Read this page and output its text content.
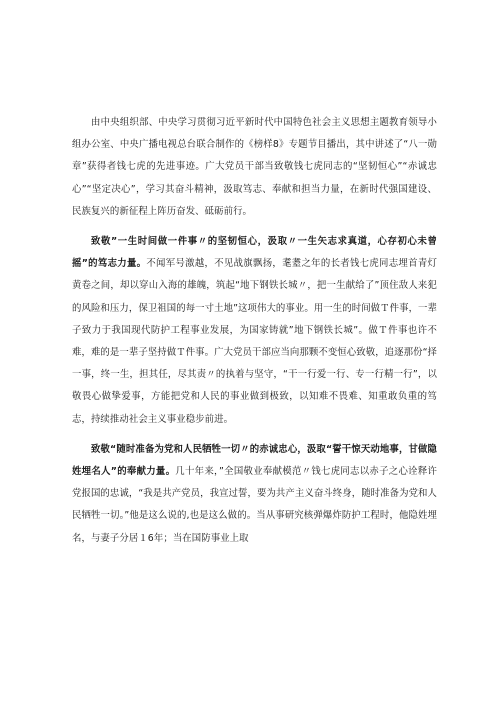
由中央组织部、中央学习贯彻习近平新时代中国特色社会主义思想主题教育领导小组办公室、中央广播电视总台联合制作的《榜样8》专题节目播出，其中讲述了“八一勋章”获得者钱七虎的先进事迹。广大党员干部当致敬钱七虎同志的“坚韧恒心”“赤诚忠心”“坚定决心”，学习其奋斗精神，汲取笃志、奉献和担当力量，在新时代强国建设、民族复兴的新征程上阵历奋发、砥砺前行。

致敬”一生时间做一件事〃的坚韧恒心，汲取〃一生矢志求真道，心存初心未曾摇”的笃志力量。不闻军号激越，不见战旗飘扬，耄耋之年的长者钱七虎同志埋首青灯黄卷之间，却以穿山入海的雄魄，筑起“地下钢铁长城〃，把一生献给了”顶住敌人来犯的风险和压力，保卫祖国的每一寸土地”这项伟大的事业。用一生的时间做Ｔ件事，一辈子致力于我国现代防护工程事业发展，为国家铸就”地下钢铁长城”。做Ｔ件事也许不难，难的是一辈子坚持做Ｔ件事。广大党员干部应当向那颗不变恒心致敬，追逐那份“择一事，终一生，担其任，尽其责〃的执着与坚守，“干一行爱一行、专一行精一行”，以敬畏心做挚爱事，方能把党和人民的事业做到极致，以知难不畏难、知重敢负重的笃志，持续推动社会主义事业稳步前进。

致敬“随时准备为党和人民牺牲一切〃的赤诚忠心，汲取“誓干惊天动地事，甘做隐姓埋名人”的奉献力量。几十年来，”全国敬业奉献模范〃钱七虎同志以赤子之心诠释许党报国的忠诚，“我是共产党员，我宣过誓，要为共产主义奋斗终身，随时准备为党和人民牺牲一切。”他是这么说的,也是这么做的。当从事研究核弹爆炸防护工程时，他隐姓埋名，与妻子分居１6年；当在国防事业上取
